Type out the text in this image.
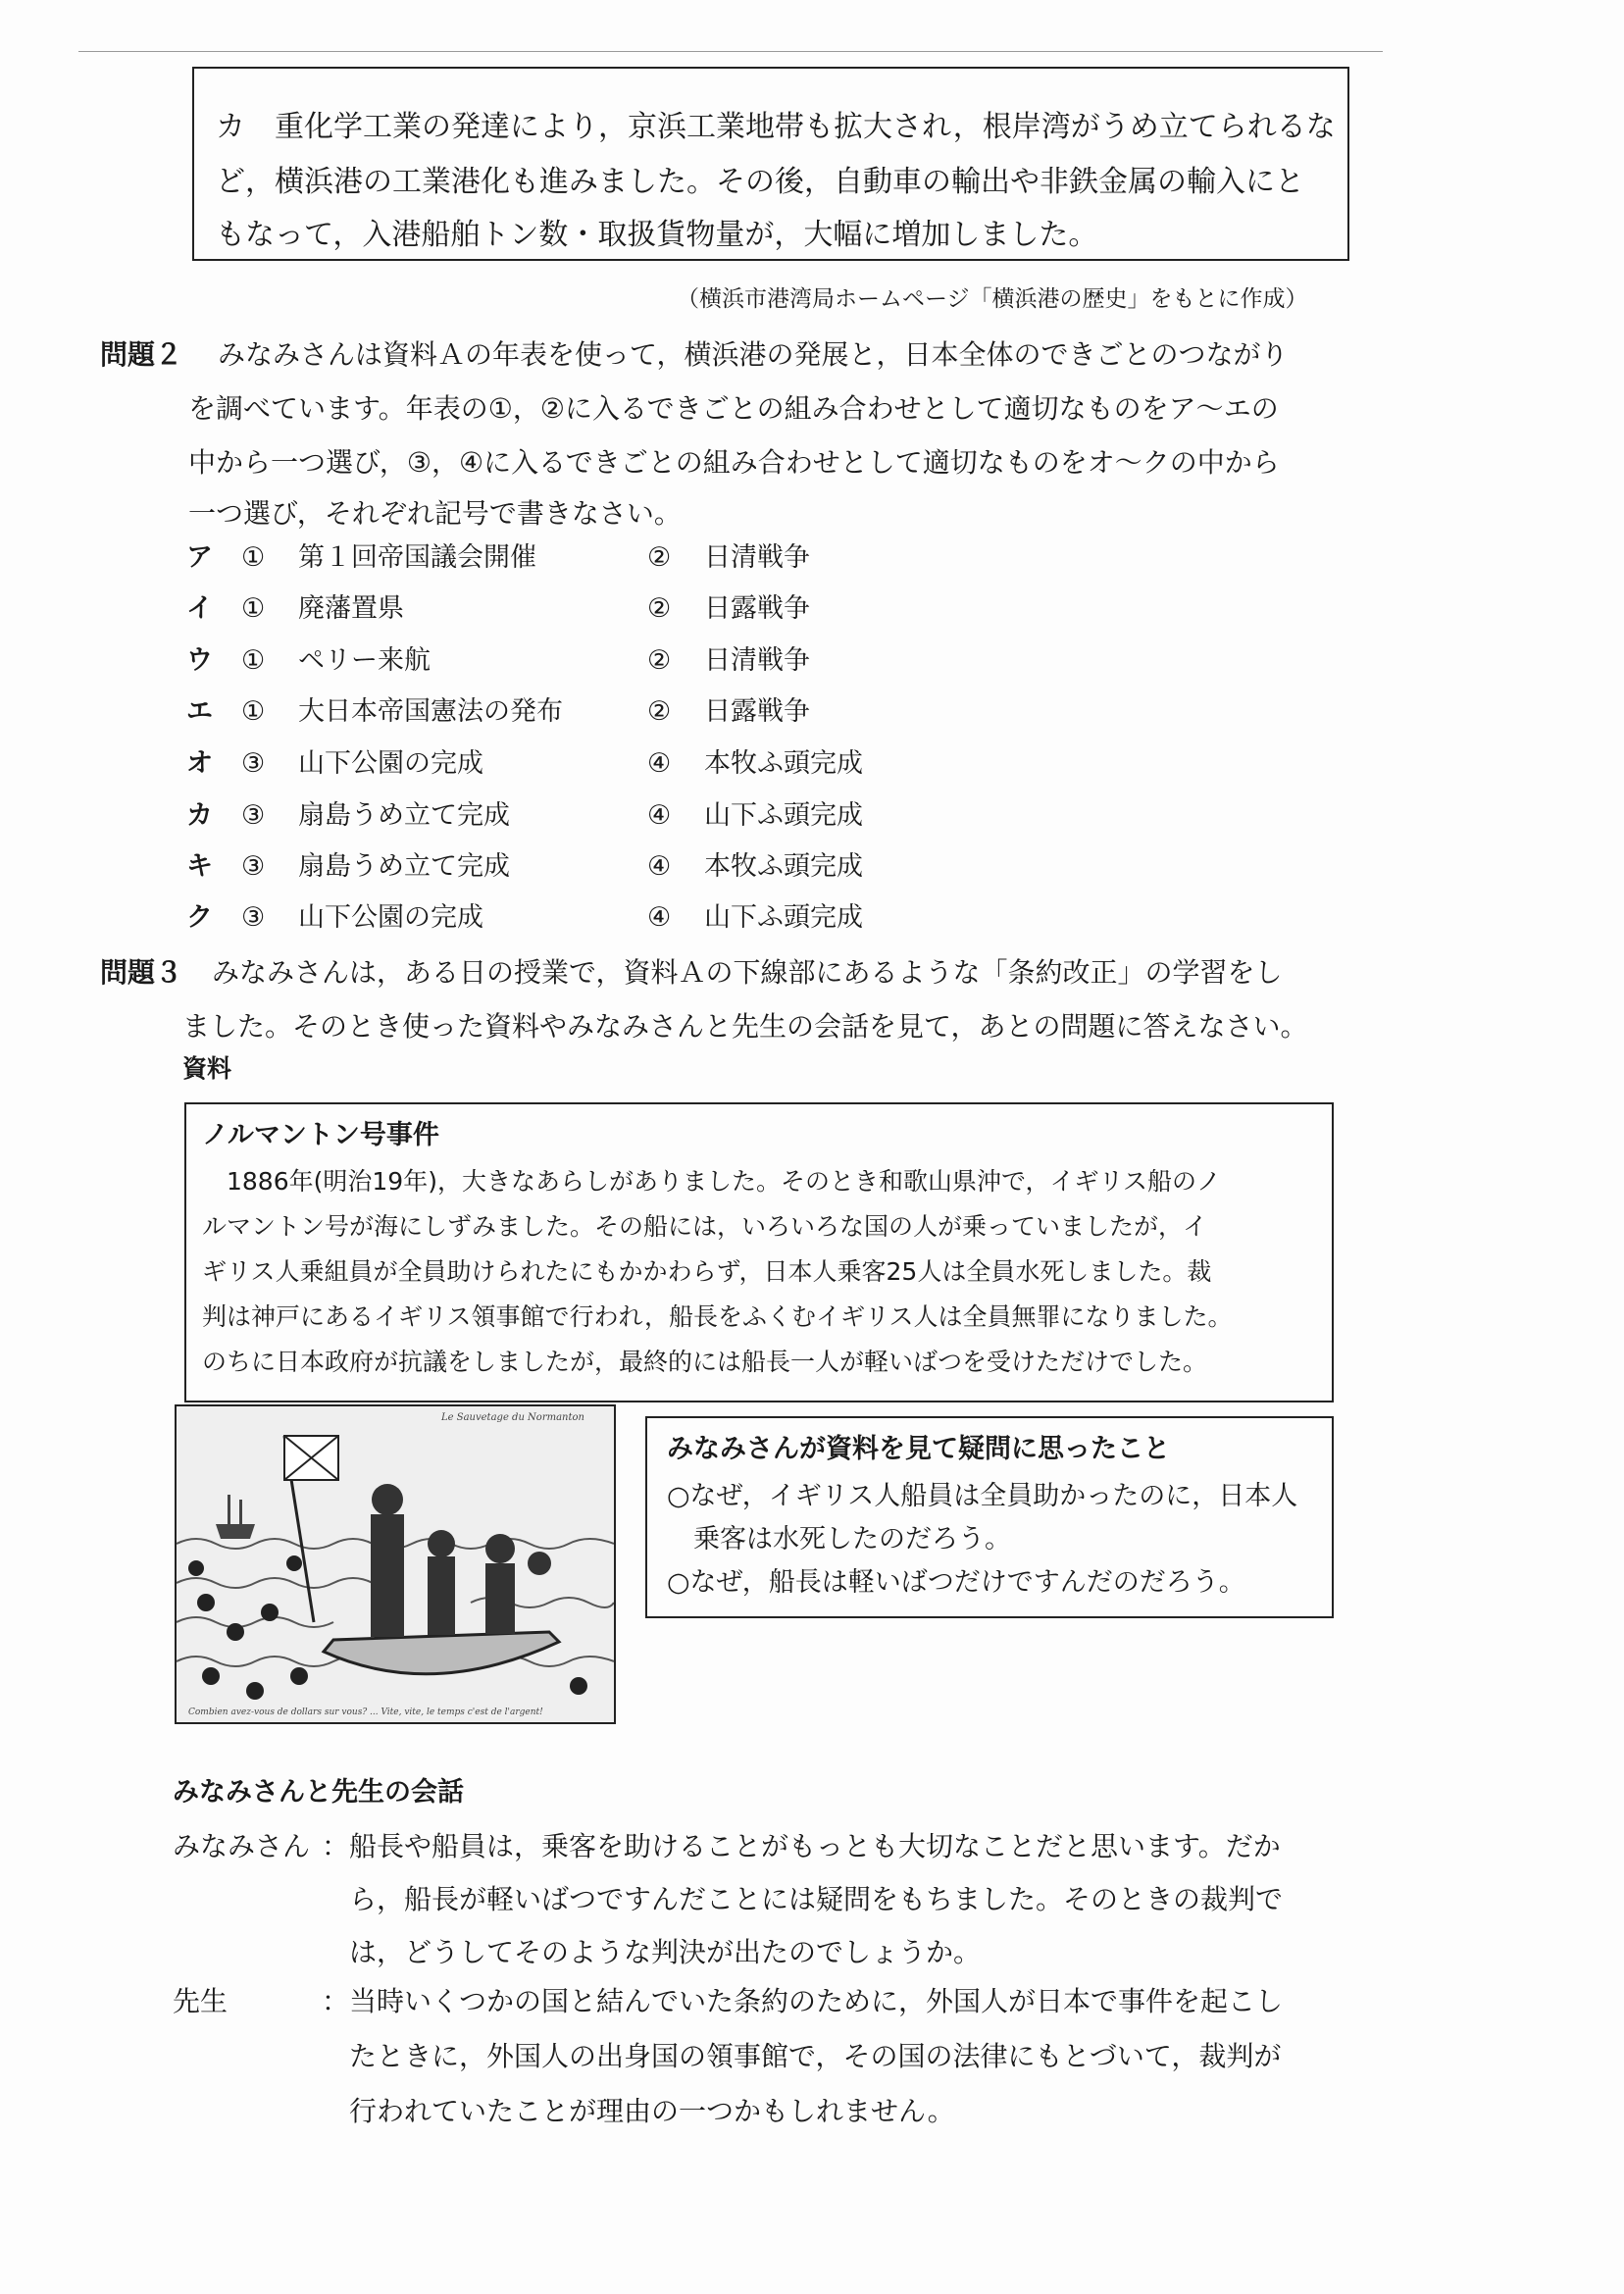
カ　重化学工業の発達により，京浜工業地帯も拡大され，根岸湾がうめ立てられるな
ど，横浜港の工業港化も進みました。その後，自動車の輸出や非鉄金属の輸入にと
もなって，入港船舶トン数・取扱貨物量が，大幅に増加しました。
（横浜市港湾局ホームページ「横浜港の歴史」をもとに作成）
問題２ みなみさんは資料Ａの年表を使って，横浜港の発展と，日本全体のできごとのつながり
を調べています。年表の①，②に入るできごとの組み合わせとして適切なものをア〜エの
中から一つ選び，③，④に入るできごとの組み合わせとして適切なものをオ〜クの中から
一つ選び，それぞれ記号で書きなさい。
ア ① 第１回帝国議会開催	② 日清戦争
イ ① 廃藩置県	② 日露戦争
ウ ① ペリー来航	② 日清戦争
エ ① 大日本帝国憲法の発布	② 日露戦争
オ ③ 山下公園の完成	④ 本牧ふ頭完成
カ ③ 扇島うめ立て完成	④ 山下ふ頭完成
キ ③ 扇島うめ立て完成	④ 本牧ふ頭完成
ク ③ 山下公園の完成	④ 山下ふ頭完成
問題３ みなみさんは，ある日の授業で，資料Ａの下線部にあるような「条約改正」の学習をし
ました。そのとき使った資料やみなみさんと先生の会話を見て，あとの問題に答えなさい。
資料
ノルマントン号事件
　1886年(明治19年)，大きなあらしがありました。そのとき和歌山県沖で，イギリス船のノ
ルマントン号が海にしずみました。その船には，いろいろな国の人が乗っていましたが，イ
ギリス人乗組員が全員助けられたにもかかわらず，日本人乗客25人は全員水死しました。裁
判は神戸にあるイギリス領事館で行われ，船長をふくむイギリス人は全員無罪になりました。
のちに日本政府が抗議をしましたが，最終的には船長一人が軽いばつを受けただけでした。
Le Sauvetage du Normanton
Combien avez-vous de dollars sur vous? ... Vite, vite, le temps c'est de l'argent!
みなみさんが資料を見て疑問に思ったこと
○なぜ，イギリス人船員は全員助かったのに，日本人
　乗客は水死したのだろう。
○なぜ，船長は軽いばつだけですんだのだろう。
みなみさんと先生の会話
みなみさん ：船長や船員は，乗客を助けることがもっとも大切なことだと思います。だか
　ら，船長が軽いばつですんだことには疑問をもちました。そのときの裁判で
　は，どうしてそのような判決が出たのでしょうか。
先生	：当時いくつかの国と結んでいた条約のために，外国人が日本で事件を起こし
　たときに，外国人の出身国の領事館で，その国の法律にもとづいて，裁判が
　行われていたことが理由の一つかもしれません。
